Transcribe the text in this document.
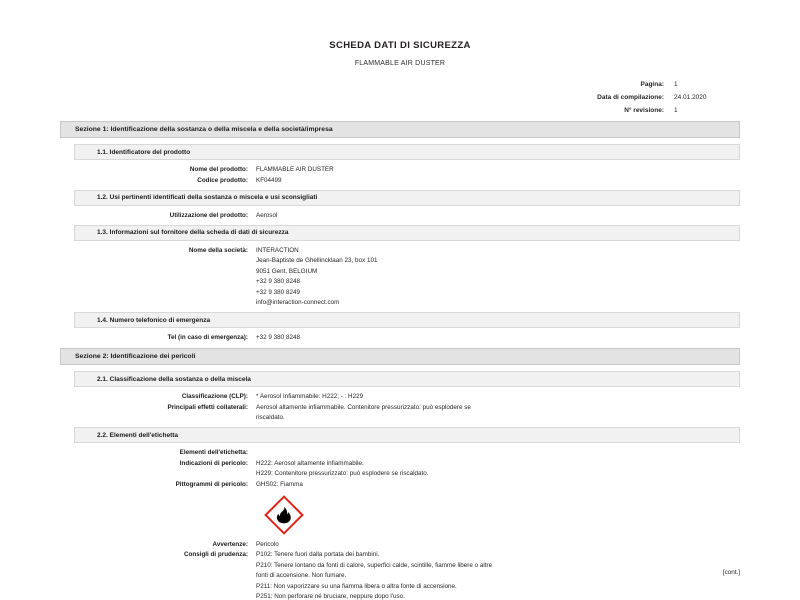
SCHEDA DATI DI SICUREZZA
FLAMMABLE AIR DUSTER
Pagina:	1
Data di compilazione:	24.01.2020
N° revisione:	1
Sezione 1: Identificazione della sostanza o della miscela e della società/impresa
1.1. Identificatore del prodotto
Nome del prodotto:	FLAMMABLE AIR DUSTER
Codice prodotto:	KF04499
1.2. Usi pertinenti identificati della sostanza o miscela e usi sconsigliati
Utilizzazione del prodotto:	Aerosol
1.3. Informazioni sul fornitore della scheda di dati di sicurezza
Nome della società:	INTERACTION
Jean-Baptiste de Ghellincklaan 23, box 101
9051 Gent, BELGIUM
+32 9 380 8248
+32 9 380 8249
info@interaction-connect.com
1.4. Numero telefonico di emergenza
Tel (in caso di emergenza):	+32 9 380 8248
Sezione 2: Identificazione dei pericoli
2.1. Classificazione della sostanza o della miscela
Classificazione (CLP):	* Aerosol Infiammabile: H222; - : H229
Principali effetti collaterali:	Aerosol altamente infiammabile. Contenitore pressurizzato: può esplodere se
riscaldato.
2.2. Elementi dell'etichetta
Elementi dell'etichetta:
Indicazioni di pericolo:	H222: Aerosol altamente infiammabile.
H229: Contenitore pressurizzato: può esplodere se riscaldato.
Pittogrammi di pericolo:	GHS02: Fiamma
Avvertenze:	Pericolo
Consigli di prudenza:	P102: Tenere fuori dalla portata dei bambini.
P210: Tenere lontano da fonti di calore, superfici calde, scintille, fiamme libere o altre
fonti di accensione. Non fumare.
P211: Non vaporizzare su una fiamma libera o altra fonte di accensione.
P251: Non perforare né bruciare, neppure dopo l'uso.
[cont.]
